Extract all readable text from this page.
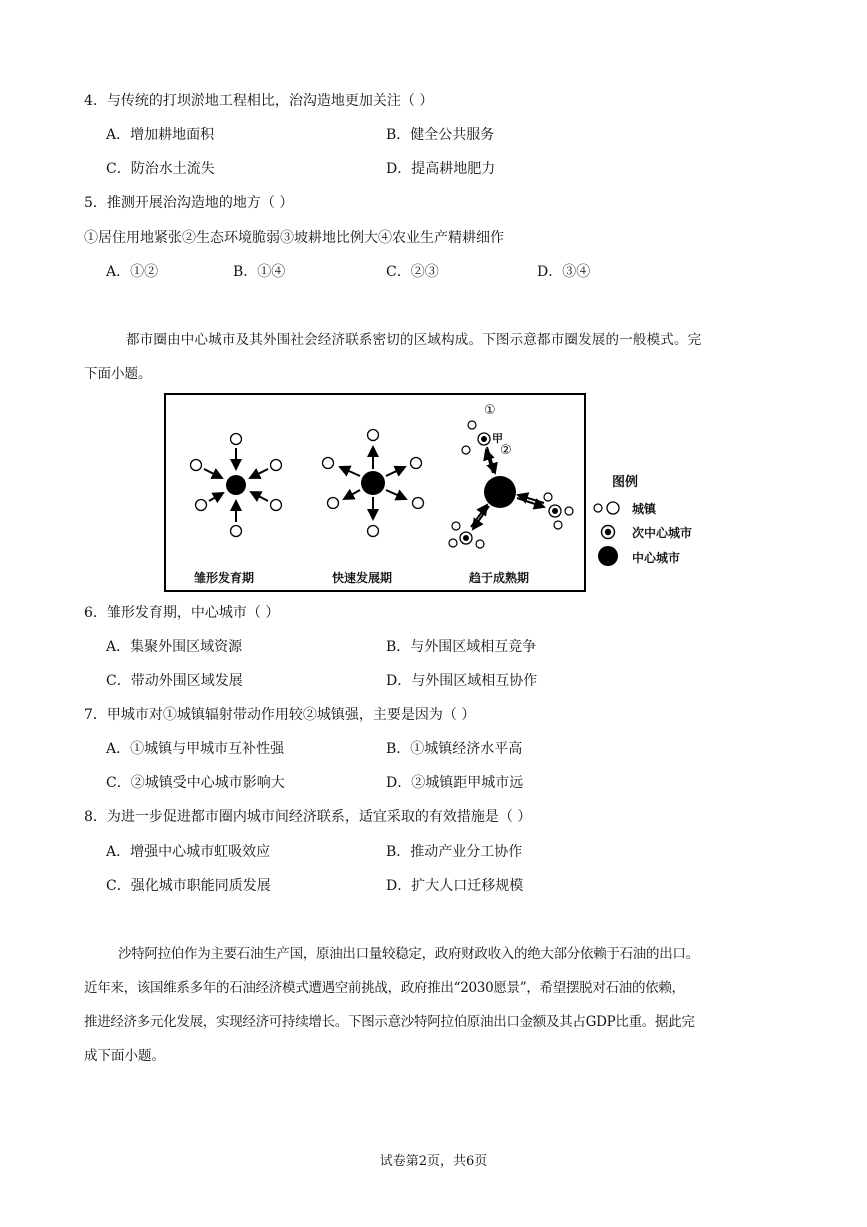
4．与传统的打坝淤地工程相比，治沟造地更加关注（ ）
A．增加耕地面积	B．健全公共服务
C．防治水土流失	D．提高耕地肥力
5．推测开展治沟造地的地方（ ）
①居住用地紧张②生态环境脆弱③坡耕地比例大④农业生产精耕细作
A．①②	B．①④	C．②③	D．③④

都市圈由中心城市及其外围社会经济联系密切的区域构成。下图示意都市圈发展的一般模式。完

下面小题。

①
甲
②
雏形发育期	快速发展期	趋于成熟期
图例
城镇
次中心城市
中心城市
6．雏形发育期，中心城市（ ）
A．集聚外围区域资源	B．与外围区域相互竞争
C．带动外围区域发展	D．与外围区域相互协作
7．甲城市对①城镇辐射带动作用较②城镇强，主要是因为（ ）
A．①城镇与甲城市互补性强	B．①城镇经济水平高
C．②城镇受中心城市影响大	D．②城镇距甲城市远
8．为进一步促进都市圈内城市间经济联系，适宜采取的有效措施是（ ）
A．增强中心城市虹吸效应	B．推动产业分工协作
C．强化城市职能同质发展	D．扩大人口迁移规模

沙特阿拉伯作为主要石油生产国，原油出口量较稳定，政府财政收入的绝大部分依赖于石油的出口。

近年来，该国维系多年的石油经济模式遭遇空前挑战，政府推出“2030愿景”，希望摆脱对石油的依赖，

推进经济多元化发展，实现经济可持续增长。下图示意沙特阿拉伯原油出口金额及其占GDP比重。据此完

成下面小题。

试卷第2页，共6页
